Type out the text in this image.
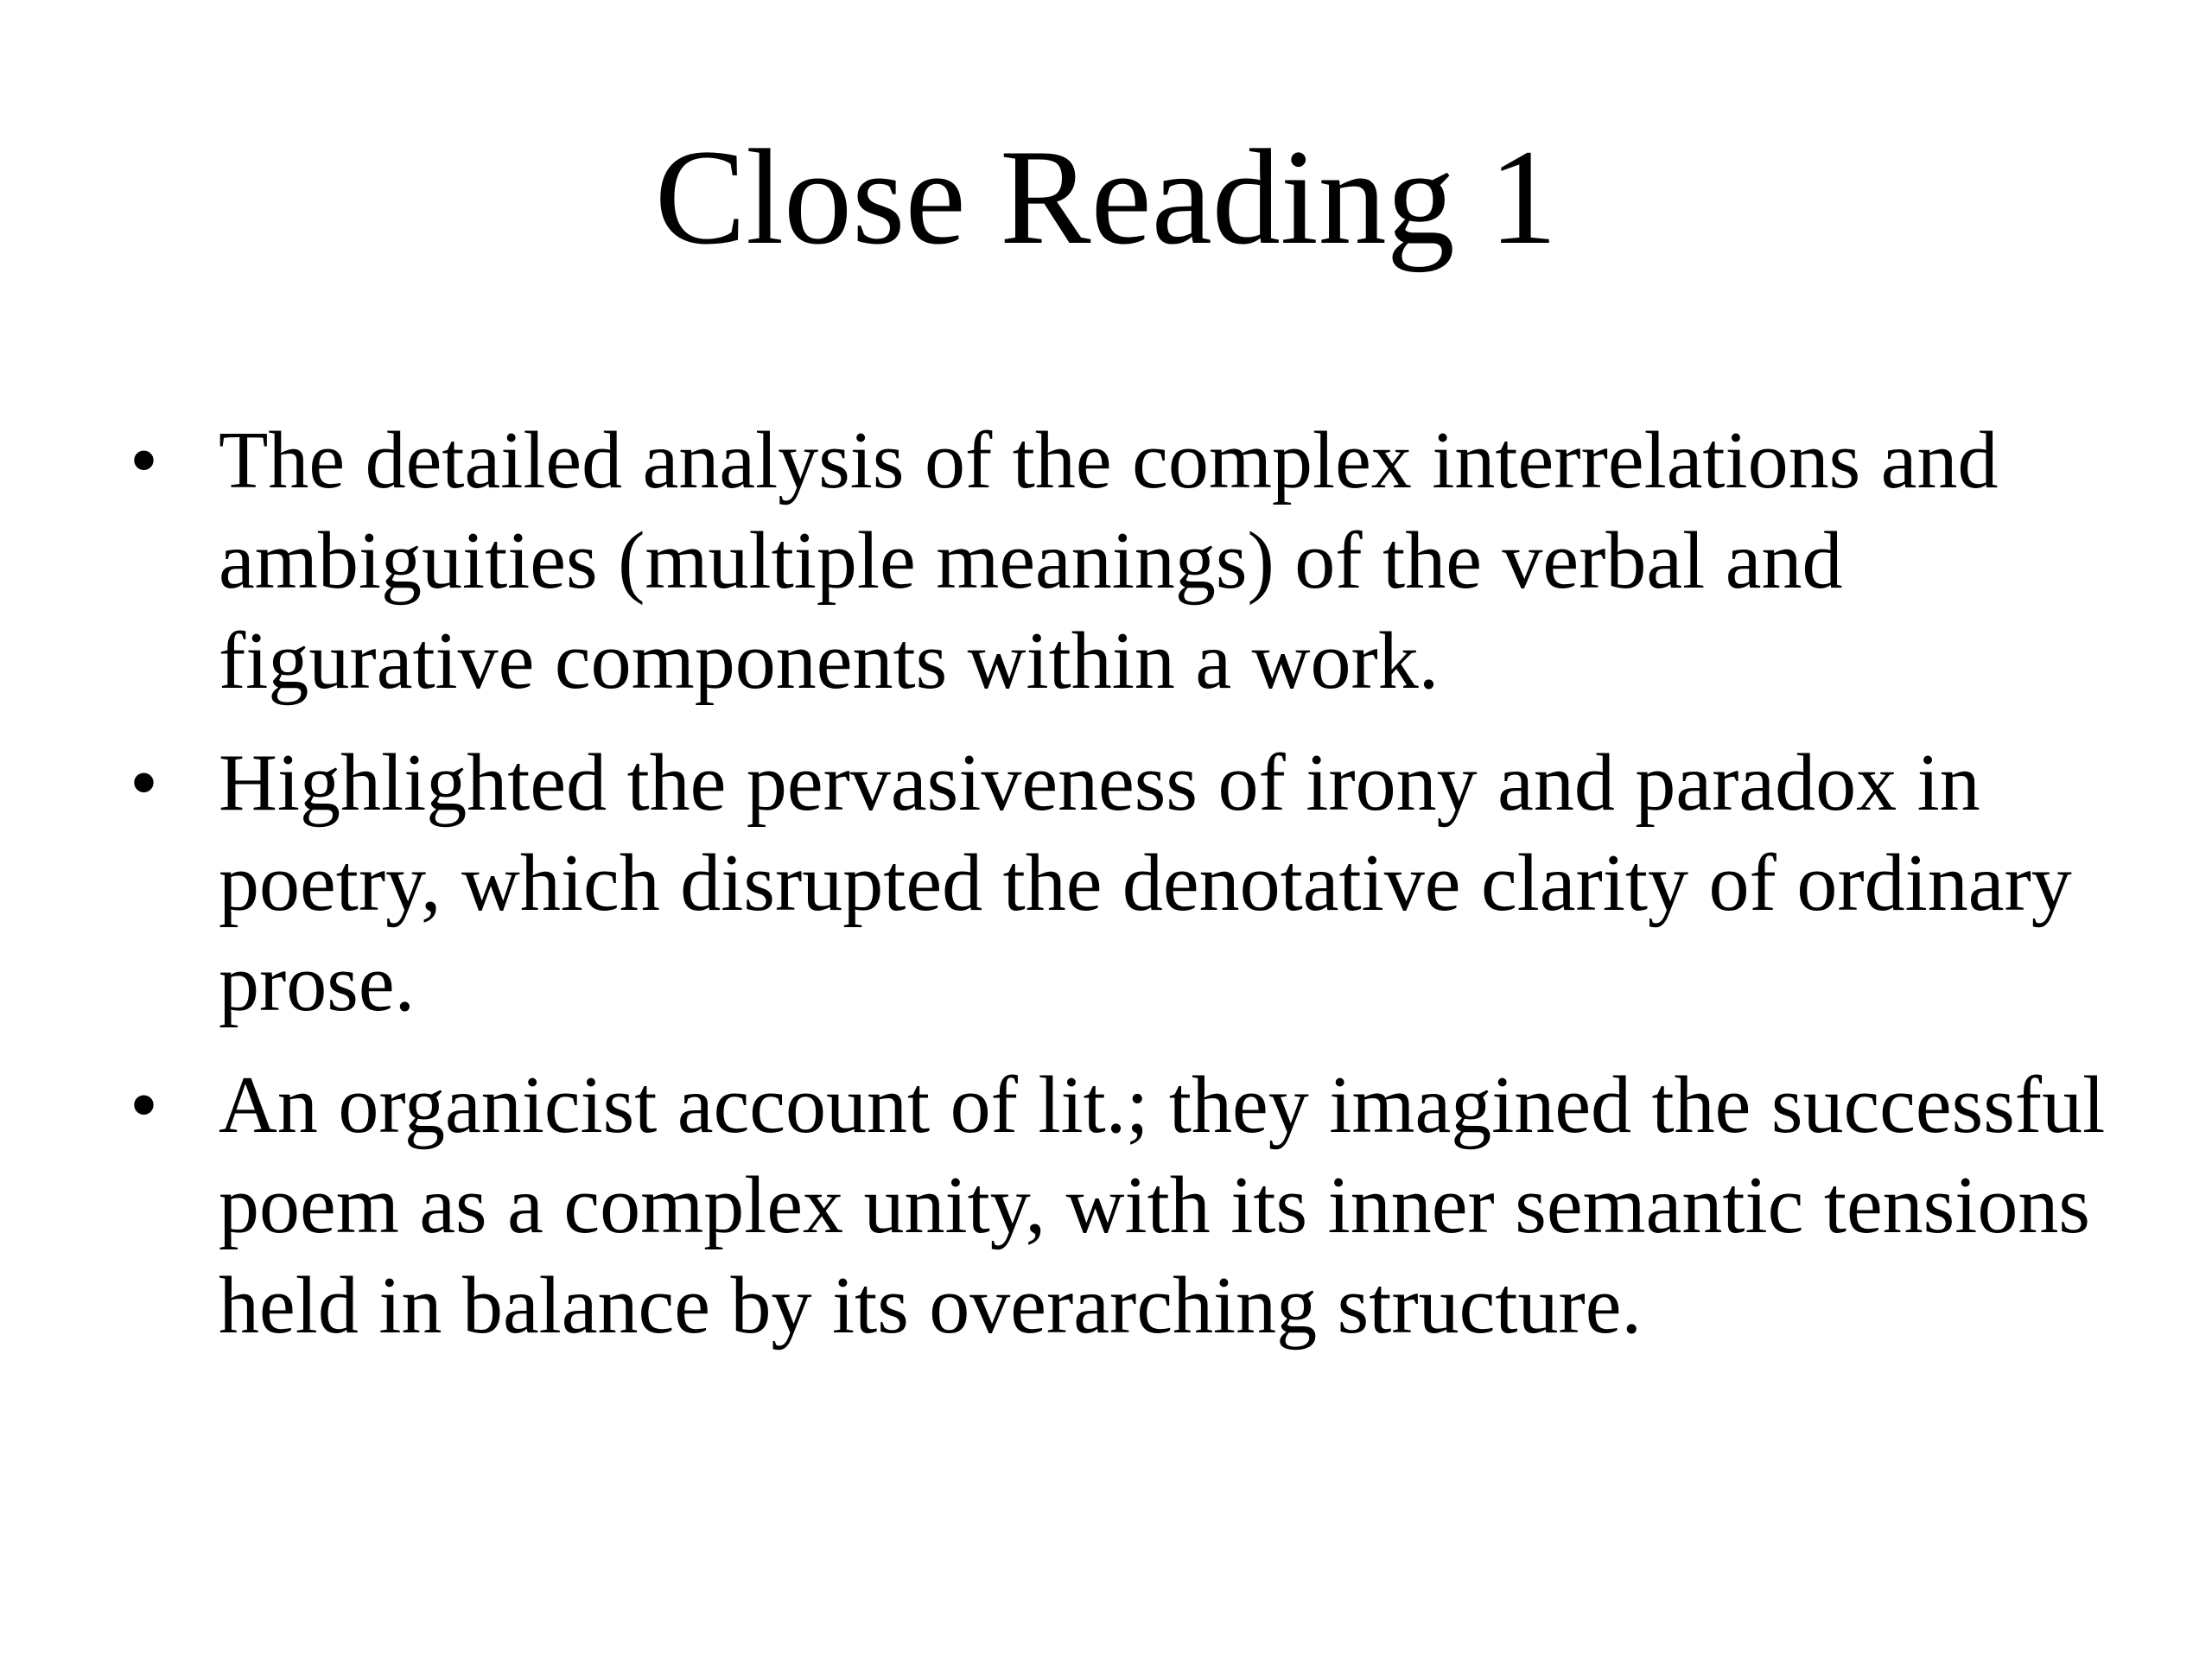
Close Reading 1
• The detailed analysis of the complex interrelations and ambiguities (multiple meanings) of the verbal and figurative components within a work.
• Highlighted the pervasiveness of irony and paradox in poetry, which disrupted the denotative clarity of ordinary prose.
• An organicist account of lit.; they imagined the successful poem as a complex unity, with its inner semantic tensions held in balance by its overarching structure.
